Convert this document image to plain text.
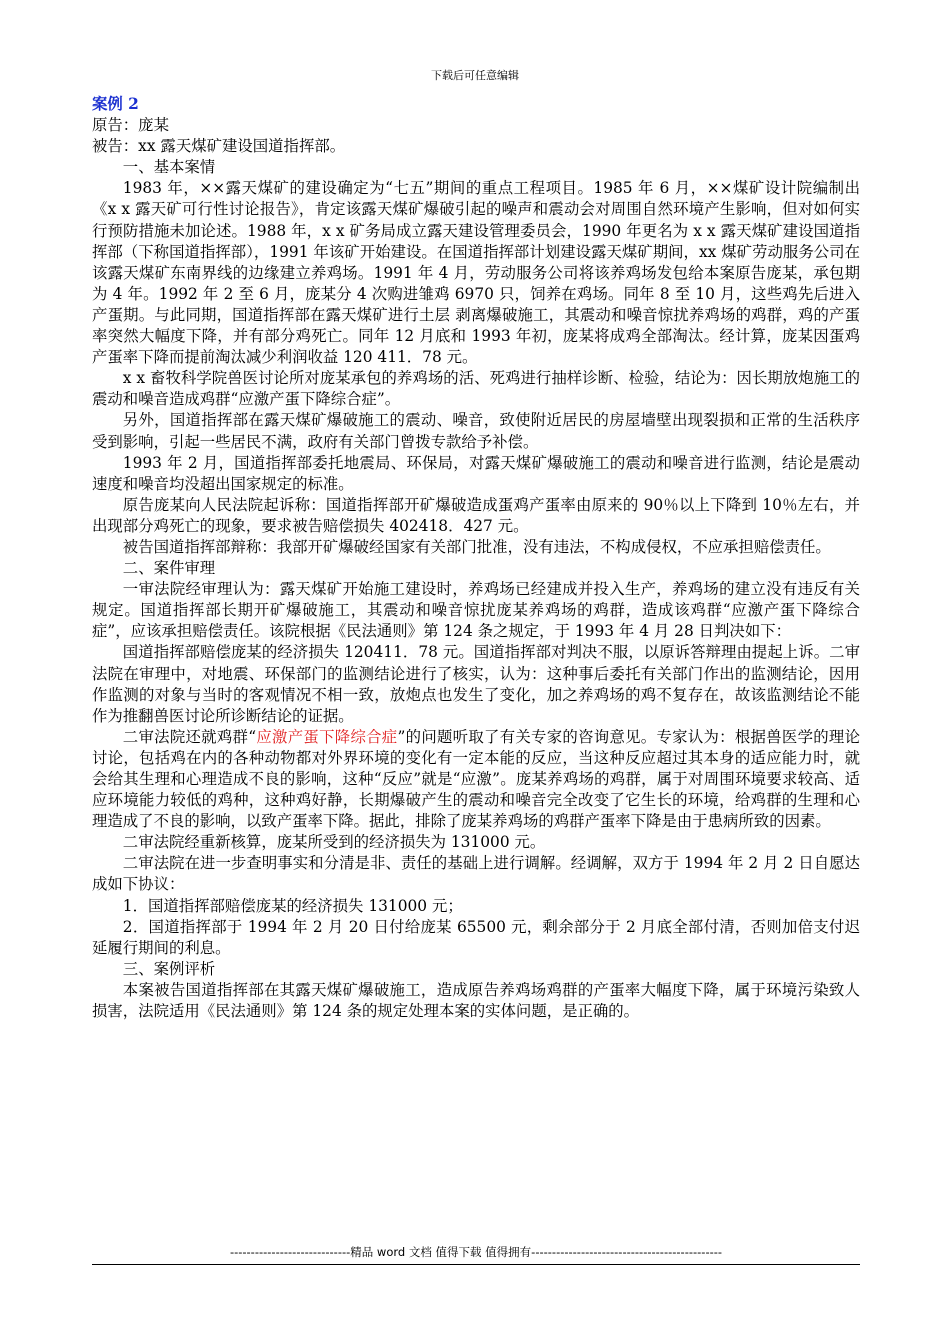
下载后可任意编辑

案例 2

原告：庞某

被告：xx 露天煤矿建设国道指挥部。

一、基本案情

1983 年，××露天煤矿的建设确定为“七五”期间的重点工程项目。1985 年 6 月，××煤矿设计院编制出《x x 露天矿可行性讨论报告》，肯定该露天煤矿爆破引起的噪声和震动会对周围自然环境产生影响，但对如何实行预防措施未加论述。1988 年，x x 矿务局成立露天建设管理委员会，1990 年更名为 x x 露天煤矿建设国道指挥部（下称国道指挥部），1991 年该矿开始建设。在国道指挥部计划建设露天煤矿期间，xx 煤矿劳动服务公司在该露天煤矿东南界线的边缘建立养鸡场。1991 年 4 月，劳动服务公司将该养鸡场发包给本案原告庞某，承包期为 4 年。1992 年 2 至 6 月，庞某分 4 次购进雏鸡 6970 只，饲养在鸡场。同年 8 至 10 月，这些鸡先后进入产蛋期。与此同期，国道指挥部在露天煤矿进行土层 剥离爆破施工，其震动和噪音惊扰养鸡场的鸡群，鸡的产蛋率突然大幅度下降，并有部分鸡死亡。同年 12 月底和 1993 年初，庞某将成鸡全部淘汰。经计算，庞某因蛋鸡产蛋率下降而提前淘汰减少利润收益 120 411．78 元。

x x 畜牧科学院兽医讨论所对庞某承包的养鸡场的活、死鸡进行抽样诊断、检验，结论为：因长期放炮施工的震动和噪音造成鸡群“应激产蛋下降综合症”。

另外，国道指挥部在露天煤矿爆破施工的震动、噪音，致使附近居民的房屋墙壁出现裂损和正常的生活秩序受到影响，引起一些居民不满，政府有关部门曾拨专款给予补偿。

1993 年 2 月，国道指挥部委托地震局、环保局，对露天煤矿爆破施工的震动和噪音进行监测，结论是震动速度和噪音均没超出国家规定的标准。

原告庞某向人民法院起诉称：国道指挥部开矿爆破造成蛋鸡产蛋率由原来的 90％以上下降到 10％左右，并出现部分鸡死亡的现象，要求被告赔偿损失 402418．427 元。

被告国道指挥部辩称：我部开矿爆破经国家有关部门批准，没有违法，不构成侵权，不应承担赔偿责任。

二、案件审理

一审法院经审理认为：露天煤矿开始施工建设时，养鸡场已经建成并投入生产，养鸡场的建立没有违反有关规定。国道指挥部长期开矿爆破施工，其震动和噪音惊扰庞某养鸡场的鸡群，造成该鸡群“应激产蛋下降综合症”，应该承担赔偿责任。该院根据《民法通则》第 124 条之规定，于 1993 年 4 月 28 日判决如下：

国道指挥部赔偿庞某的经济损失 120411．78 元。国道指挥部对判决不服，以原诉答辩理由提起上诉。二审法院在审理中，对地震、环保部门的监测结论进行了核实，认为：这种事后委托有关部门作出的监测结论，因用作监测的对象与当时的客观情况不相一致，放炮点也发生了变化，加之养鸡场的鸡不复存在，故该监测结论不能作为推翻兽医讨论所诊断结论的证据。

二审法院还就鸡群“应激产蛋下降综合症”的问题听取了有关专家的咨询意见。专家认为：根据兽医学的理论讨论，包括鸡在内的各种动物都对外界环境的变化有一定本能的反应，当这种反应超过其本身的适应能力时，就会给其生理和心理造成不良的影响，这种“反应”就是“应激”。庞某养鸡场的鸡群，属于对周围环境要求较高、适应环境能力较低的鸡种，这种鸡好静，长期爆破产生的震动和噪音完全改变了它生长的环境，给鸡群的生理和心理造成了不良的影响，以致产蛋率下降。据此，排除了庞某养鸡场的鸡群产蛋率下降是由于患病所致的因素。

二审法院经重新核算，庞某所受到的经济损失为 131000 元。

二审法院在进一步查明事实和分清是非、责任的基础上进行调解。经调解，双方于 1994 年 2 月 2 日自愿达成如下协议：

1．国道指挥部赔偿庞某的经济损失 131000 元；

2．国道指挥部于 1994 年 2 月 20 日付给庞某 65500 元，剩余部分于 2 月底全部付清，否则加倍支付迟延履行期间的利息。

三、案例评析

本案被告国道指挥部在其露天煤矿爆破施工，造成原告养鸡场鸡群的产蛋率大幅度下降，属于环境污染致人损害，法院适用《民法通则》第 124 条的规定处理本案的实体问题，是正确的。

-----------------------------精品 word 文档 值得下载 值得拥有----------------------------------------------
